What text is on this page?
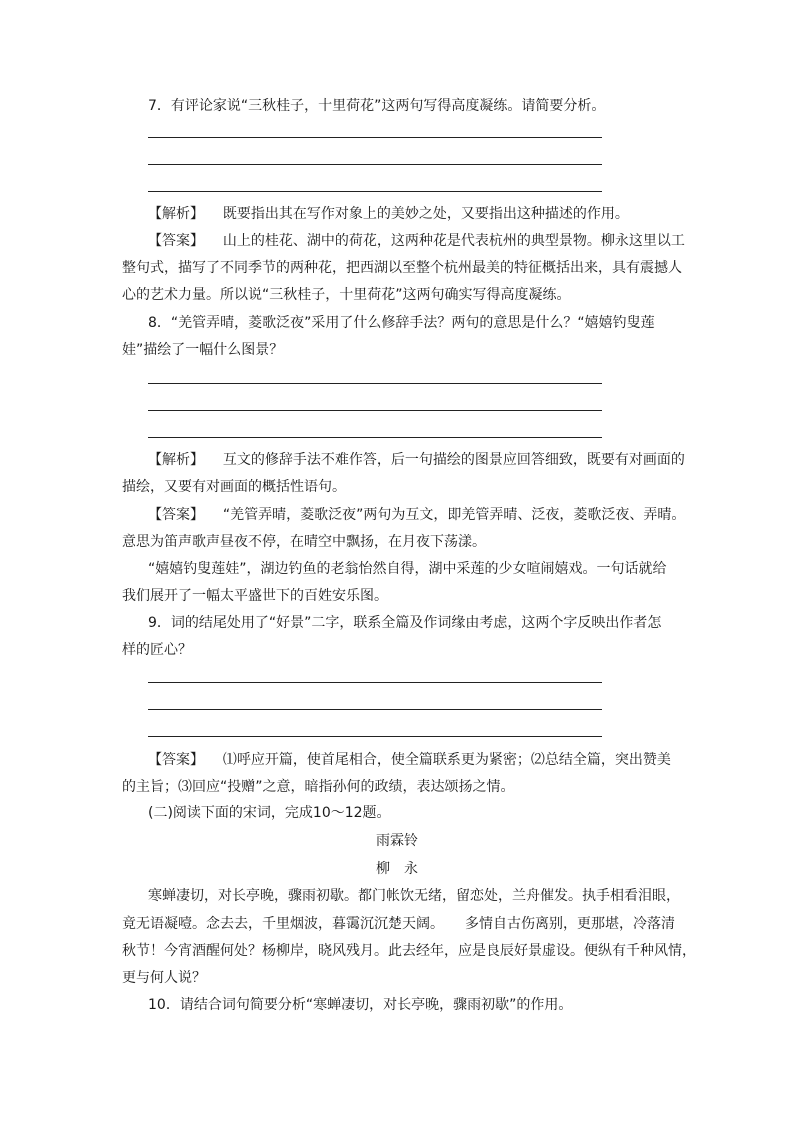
7．有评论家说“三秋桂子，十里荷花”这两句写得高度凝练。请简要分析。
【解析】 既要指出其在写作对象上的美妙之处，又要指出这种描述的作用。
【答案】 山上的桂花、湖中的荷花，这两种花是代表杭州的典型景物。柳永这里以工
整句式，描写了不同季节的两种花，把西湖以至整个杭州最美的特征概括出来，具有震撼人
心的艺术力量。所以说“三秋桂子，十里荷花”这两句确实写得高度凝练。
8．“羌管弄晴，菱歌泛夜”采用了什么修辞手法？两句的意思是什么？“嬉嬉钓叟莲
娃”描绘了一幅什么图景？
【解析】 互文的修辞手法不难作答，后一句描绘的图景应回答细致，既要有对画面的
描绘，又要有对画面的概括性语句。
【答案】 “羌管弄晴，菱歌泛夜”两句为互文，即羌管弄晴、泛夜，菱歌泛夜、弄晴。
意思为笛声歌声昼夜不停，在晴空中飘扬，在月夜下荡漾。
“嬉嬉钓叟莲娃”，湖边钓鱼的老翁怡然自得，湖中采莲的少女喧闹嬉戏。一句话就给
我们展开了一幅太平盛世下的百姓安乐图。
9．词的结尾处用了“好景”二字，联系全篇及作词缘由考虑，这两个字反映出作者怎
样的匠心？
【答案】 ⑴呼应开篇，使首尾相合，使全篇联系更为紧密；⑵总结全篇，突出赞美
的主旨；⑶回应“投赠”之意，暗指孙何的政绩，表达颂扬之情。
(二)阅读下面的宋词，完成10～12题。
雨霖铃
柳　永
寒蝉凄切，对长亭晚，骤雨初歇。都门帐饮无绪，留恋处，兰舟催发。执手相看泪眼，
竟无语凝噎。念去去，千里烟波，暮霭沉沉楚天阔。　　多情自古伤离别，更那堪，冷落清
秋节！今宵酒醒何处？杨柳岸，晓风残月。此去经年，应是良辰好景虚设。便纵有千种风情，
更与何人说？
10．请结合词句简要分析“寒蝉凄切，对长亭晚，骤雨初歇”的作用。
